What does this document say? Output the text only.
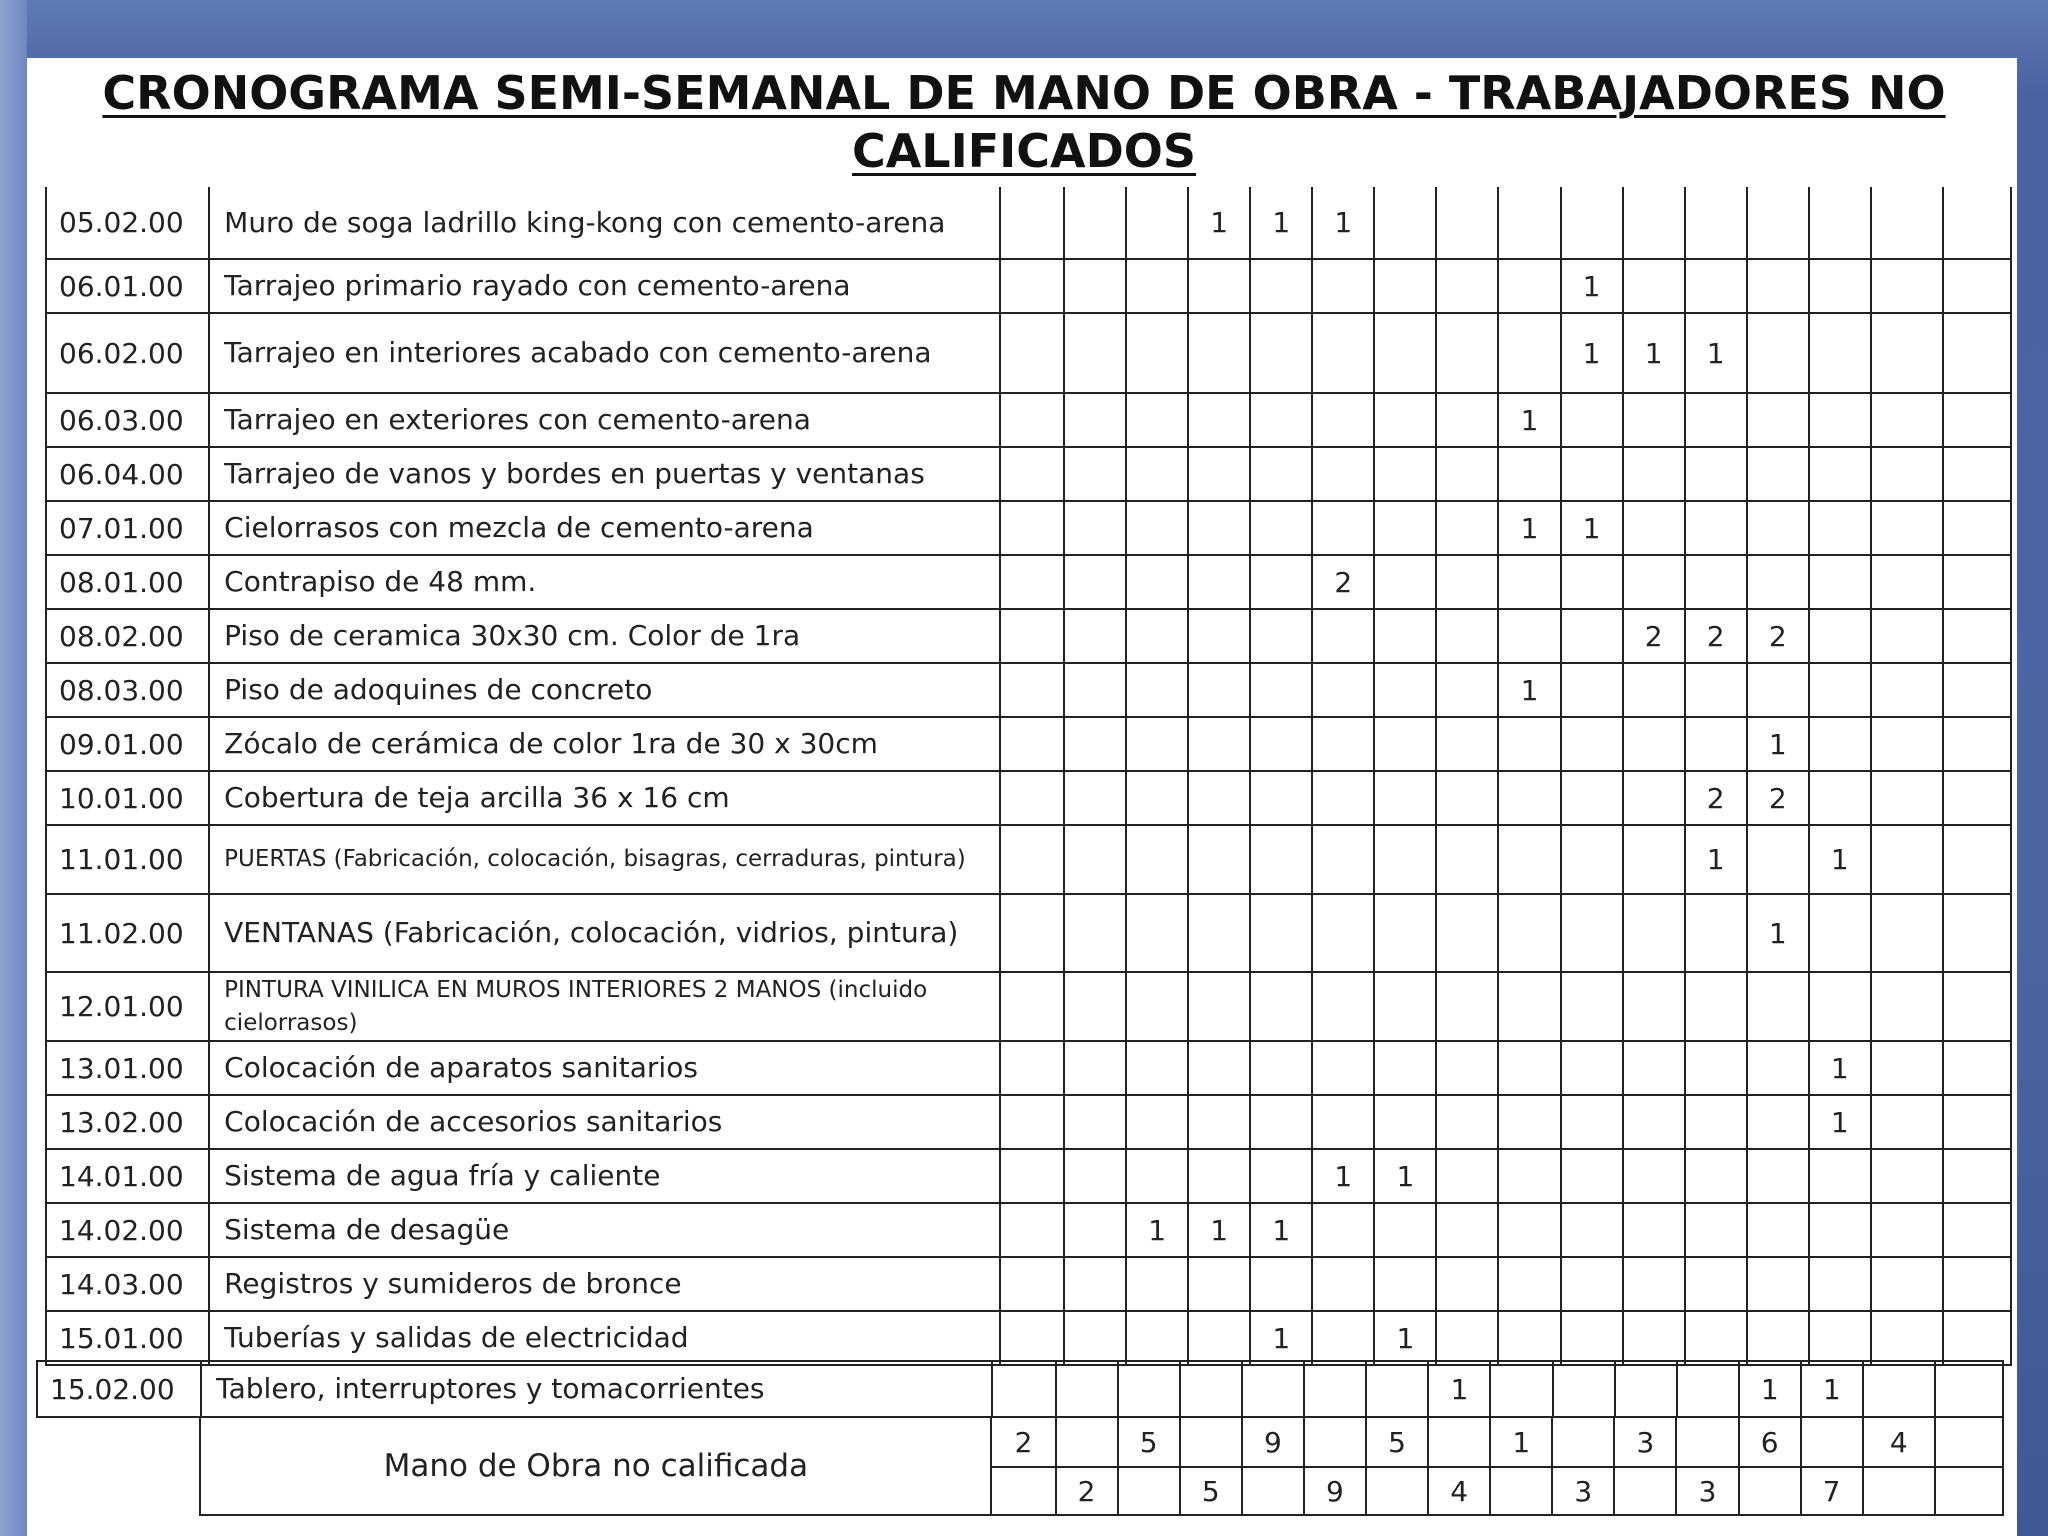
CRONOGRAMA SEMI-SEMANAL DE MANO DE OBRA - TRABAJADORES NO
CALIFICADOS
05.02.00	Muro de soga ladrillo king-kong con cemento-arena				1	1	1										
06.01.00	Tarrajeo primario rayado con cemento-arena										1						
06.02.00	Tarrajeo en interiores acabado con cemento-arena										1	1	1				
06.03.00	Tarrajeo en exteriores con cemento-arena									1							
06.04.00	Tarrajeo de vanos y bordes en puertas y ventanas																
07.01.00	Cielorrasos con mezcla de cemento-arena									1	1						
08.01.00	Contrapiso de 48 mm.						2										
08.02.00	Piso de ceramica 30x30 cm. Color de 1ra											2	2	2			
08.03.00	Piso de adoquines de concreto									1							
09.01.00	Zócalo de cerámica de color 1ra de 30 x 30cm													1			
10.01.00	Cobertura de teja arcilla 36 x 16 cm												2	2			
11.01.00	PUERTAS (Fabricación, colocación, bisagras, cerraduras, pintura)												1		1		
11.02.00	VENTANAS (Fabricación, colocación, vidrios, pintura)													1			
12.01.00	PINTURA VINILICA EN MUROS INTERIORES 2 MANOS (incluido cielorrasos)																
13.01.00	Colocación de aparatos sanitarios														1		
13.02.00	Colocación de accesorios sanitarios														1		
14.01.00	Sistema de agua fría y caliente						1	1									
14.02.00	Sistema de desagüe			1	1	1											
14.03.00	Registros y sumideros de bronce																
15.01.00	Tuberías y salidas de electricidad					1		1									
15.02.00	Tablero, interruptores y tomacorrientes								1					1	1		
	Mano de Obra no calificada	2		5		9		5		1		3		6		4	
			2		5		9		4		3		3		7		
